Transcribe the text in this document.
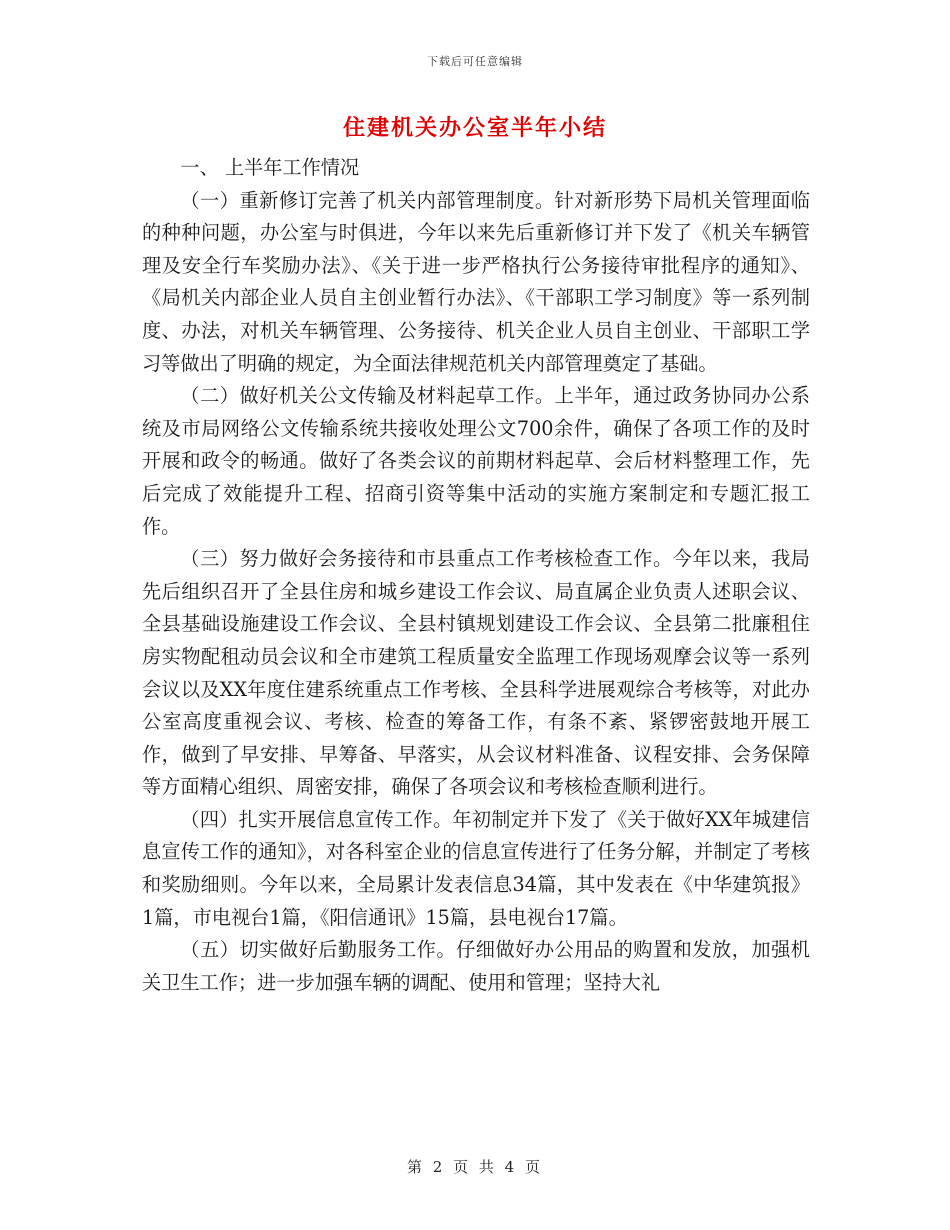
下载后可任意编辑
住建机关办公室半年小结

一、 上半年工作情况

（一）重新修订完善了机关内部管理制度。针对新形势下局机关管理面临的种种问题，办公室与时俱进，今年以来先后重新修订并下发了《机关车辆管理及安全行车奖励办法》、《关于进一步严格执行公务接待审批程序的通知》、《局机关内部企业人员自主创业暂行办法》、《干部职工学习制度》等一系列制度、办法，对机关车辆管理、公务接待、机关企业人员自主创业、干部职工学习等做出了明确的规定，为全面法律规范机关内部管理奠定了基础。

（二）做好机关公文传输及材料起草工作。上半年，通过政务协同办公系统及市局网络公文传输系统共接收处理公文700余件，确保了各项工作的及时开展和政令的畅通。做好了各类会议的前期材料起草、会后材料整理工作，先后完成了效能提升工程、招商引资等集中活动的实施方案制定和专题汇报工作。

（三）努力做好会务接待和市县重点工作考核检查工作。今年以来，我局先后组织召开了全县住房和城乡建设工作会议、局直属企业负责人述职会议、全县基础设施建设工作会议、全县村镇规划建设工作会议、全县第二批廉租住房实物配租动员会议和全市建筑工程质量安全监理工作现场观摩会议等一系列会议以及XX年度住建系统重点工作考核、全县科学进展观综合考核等，对此办公室高度重视会议、考核、检查的筹备工作，有条不紊、紧锣密鼓地开展工作，做到了早安排、早筹备、早落实，从会议材料准备、议程安排、会务保障等方面精心组织、周密安排，确保了各项会议和考核检查顺利进行。

（四）扎实开展信息宣传工作。年初制定并下发了《关于做好XX年城建信息宣传工作的通知》，对各科室企业的信息宣传进行了任务分解，并制定了考核和奖励细则。今年以来，全局累计发表信息34篇，其中发表在《中华建筑报》1篇，市电视台1篇，《阳信通讯》15篇，县电视台17篇。

（五）切实做好后勤服务工作。仔细做好办公用品的购置和发放，加强机关卫生工作；进一步加强车辆的调配、使用和管理；坚持大礼

第 2 页 共 4 页
